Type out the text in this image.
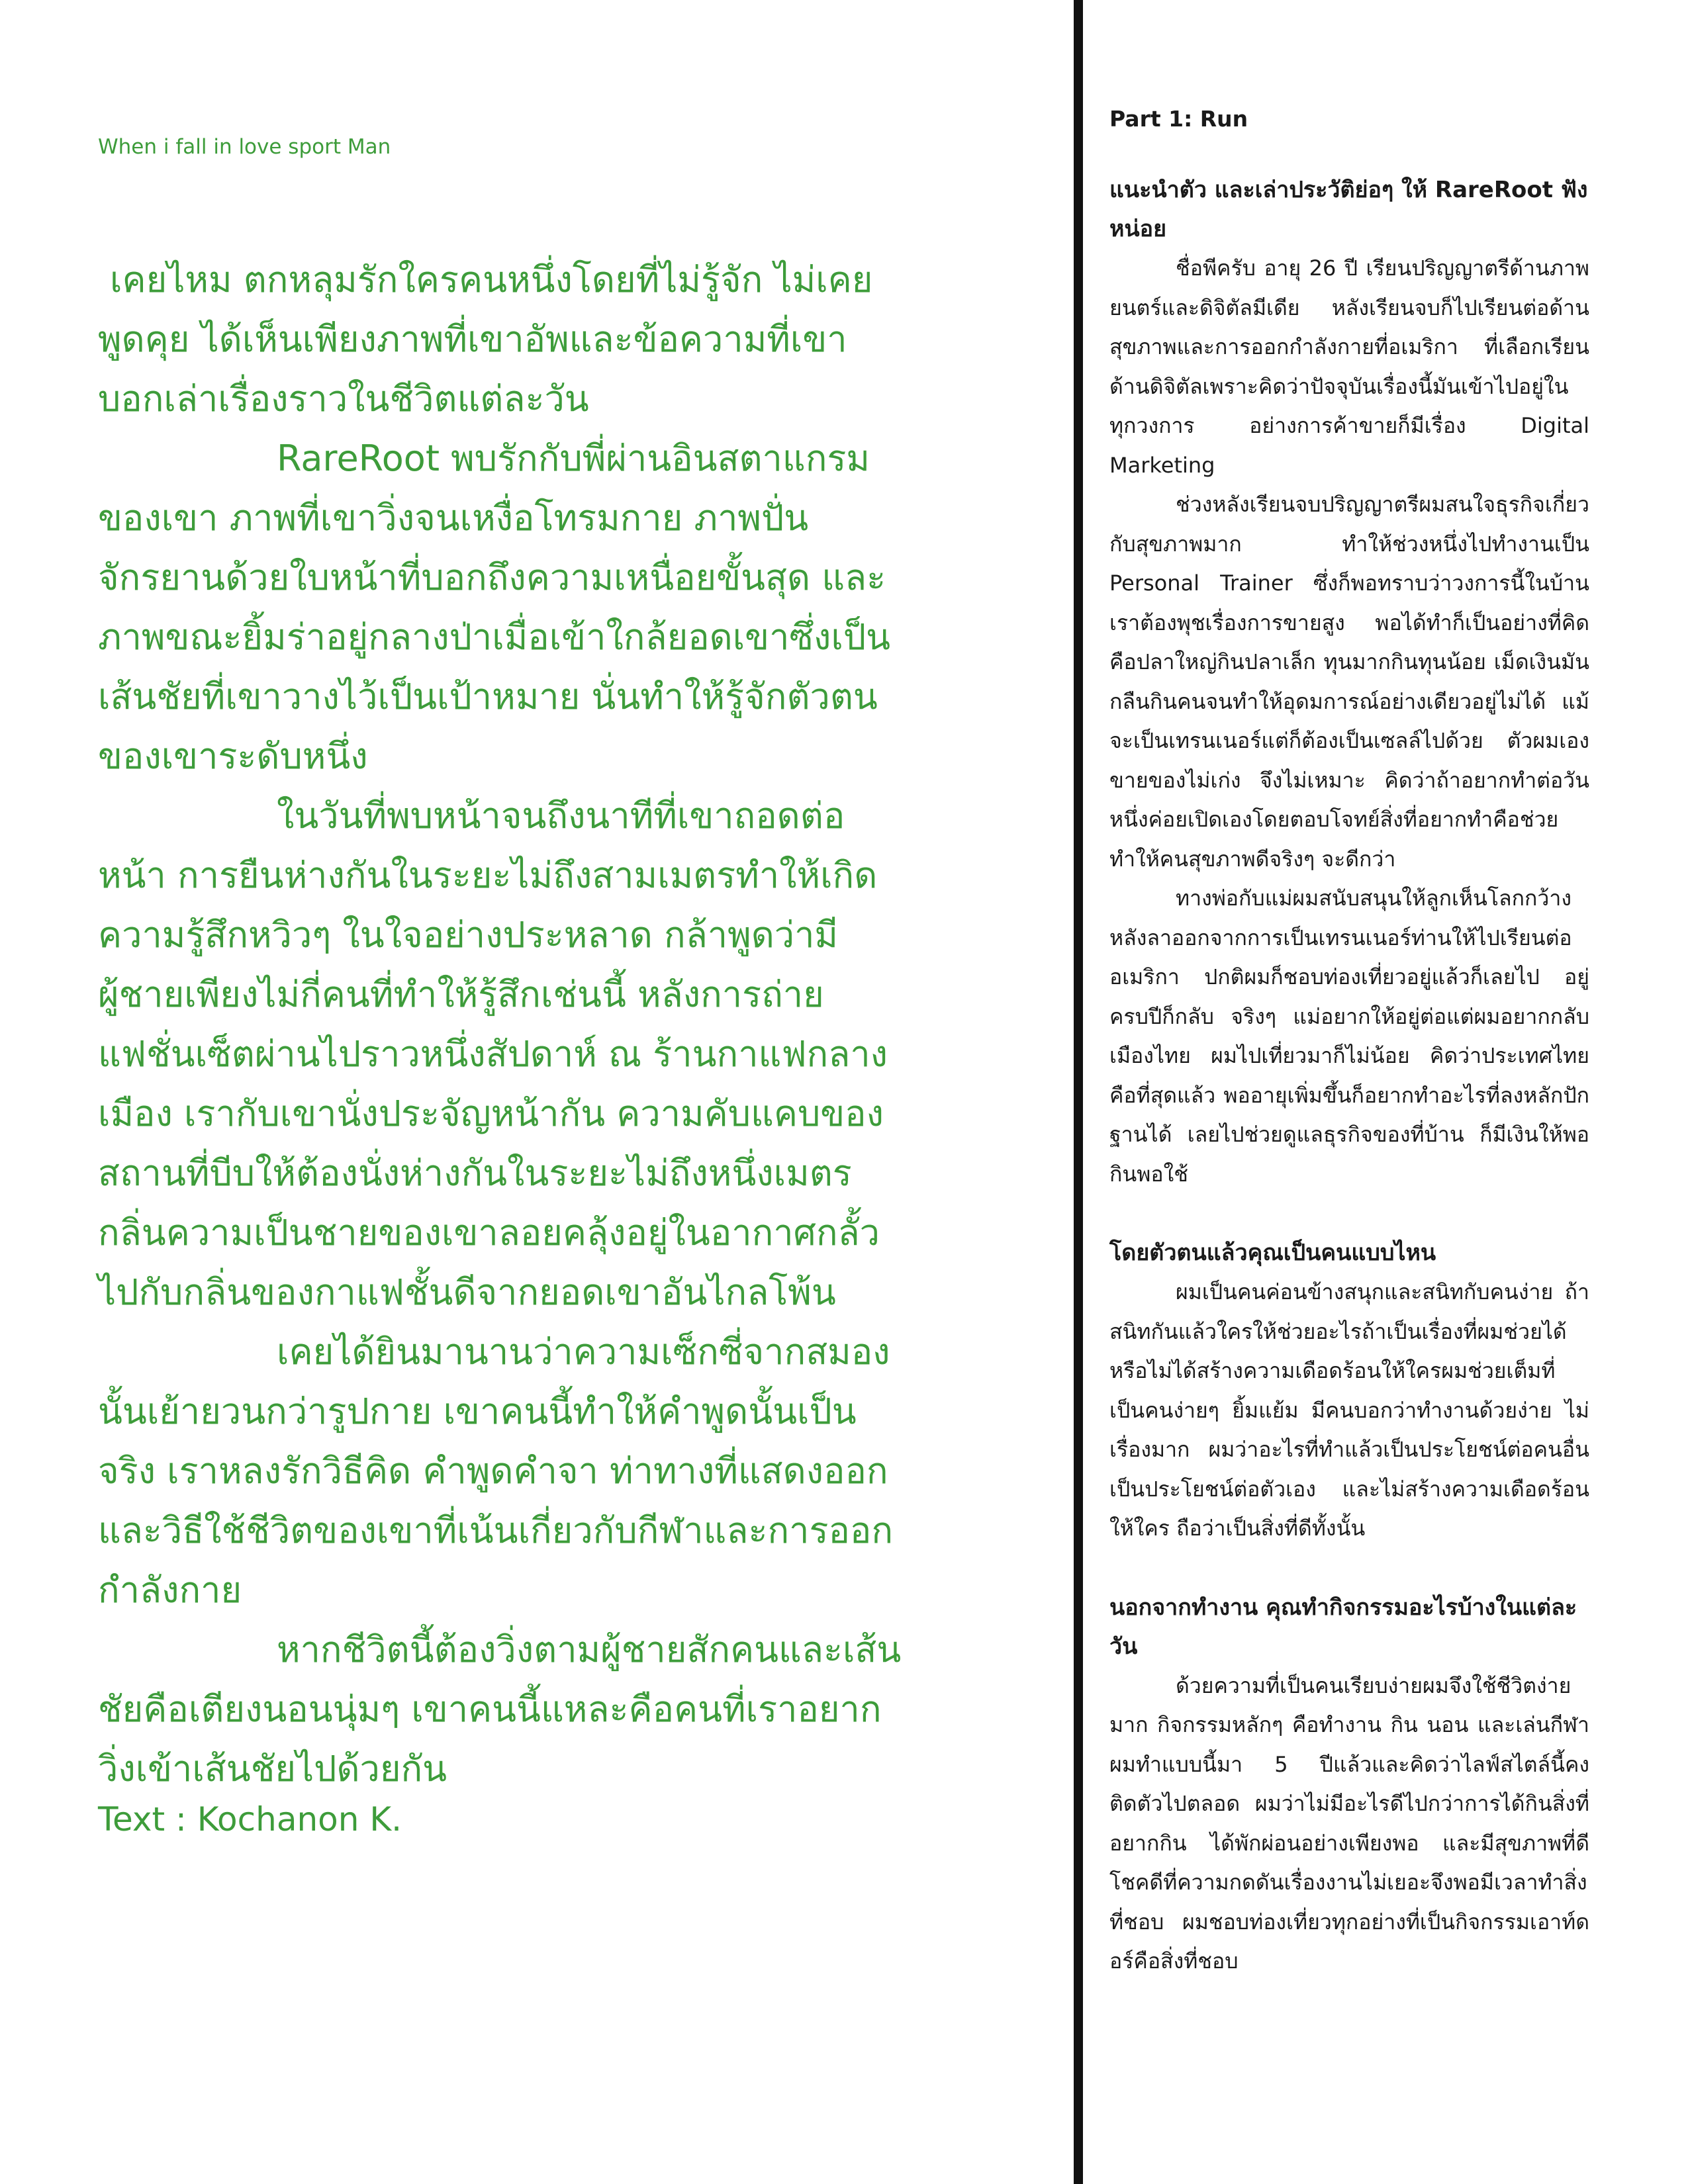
When i fall in love sport Man

เคยไหม ตกหลุมรักใครคนหนึ่งโดยที่ไม่รู้จัก ไม่เคยพูดคุย ได้เห็นเพียงภาพที่เขาอัพและข้อความที่เขาบอกเล่าเรื่องราวในชีวิตแต่ละวัน

RareRoot พบรักกับพี่ผ่านอินสตาแกรมของเขา ภาพที่เขาวิ่งจนเหงื่อโทรมกาย ภาพปั่นจักรยานด้วยใบหน้าที่บอกถึงความเหนื่อยขั้นสุด และภาพขณะยิ้มร่าอยู่กลางป่าเมื่อเข้าใกล้ยอดเขาซึ่งเป็นเส้นชัยที่เขาวางไว้เป็นเป้าหมาย นั่นทำให้รู้จักตัวตนของเขาระดับหนึ่ง

ในวันที่พบหน้าจนถึงนาทีที่เขาถอดต่อหน้า การยืนห่างกันในระยะไม่ถึงสามเมตรทำให้เกิดความรู้สึกหวิวๆ ในใจอย่างประหลาด กล้าพูดว่ามีผู้ชายเพียงไม่กี่คนที่ทำให้รู้สึกเช่นนี้ หลังการถ่ายแฟชั่นเซ็ตผ่านไปราวหนึ่งสัปดาห์ ณ ร้านกาแฟกลางเมือง เรากับเขานั่งประจัญหน้ากัน ความคับแคบของสถานที่บีบให้ต้องนั่งห่างกันในระยะไม่ถึงหนึ่งเมตร กลิ่นความเป็นชายของเขาลอยคลุ้งอยู่ในอากาศกลั้วไปกับกลิ่นของกาแฟชั้นดีจากยอดเขาอันไกลโพ้น

เคยได้ยินมานานว่าความเซ็กซี่จากสมองนั้นเย้ายวนกว่ารูปกาย เขาคนนี้ทำให้คำพูดนั้นเป็นจริง เราหลงรักวิธีคิด คำพูดคำจา ท่าทางที่แสดงออก และวิธีใช้ชีวิตของเขาที่เน้นเกี่ยวกับกีฬาและการออกกำลังกาย

หากชีวิตนี้ต้องวิ่งตามผู้ชายสักคนและเส้นชัยคือเตียงนอนนุ่มๆ เขาคนนี้แหละคือคนที่เราอยากวิ่งเข้าเส้นชัยไปด้วยกัน

Text : Kochanon K.

Part 1: Run

แนะนำตัว และเล่าประวัติย่อๆ ให้ RareRoot ฟังหน่อย

ชื่อพีครับ อายุ 26 ปี เรียนปริญญาตรีด้านภาพยนตร์และดิจิตัลมีเดีย หลังเรียนจบก็ไปเรียนต่อด้านสุขภาพและการออกกำลังกายที่อเมริกา ที่เลือกเรียนด้านดิจิตัลเพราะคิดว่าปัจจุบันเรื่องนี้มันเข้าไปอยู่ในทุกวงการ อย่างการค้าขายก็มีเรื่อง Digital Marketing

ช่วงหลังเรียนจบปริญญาตรีผมสนใจธุรกิจเกี่ยวกับสุขภาพมาก ทำให้ช่วงหนึ่งไปทำงานเป็น Personal Trainer ซึ่งก็พอทราบว่าวงการนี้ในบ้านเราต้องพุชเรื่องการขายสูง พอได้ทำก็เป็นอย่างที่คิด คือปลาใหญ่กินปลาเล็ก ทุนมากกินทุนน้อย เม็ดเงินมันกลืนกินคนจนทำให้อุดมการณ์อย่างเดียวอยู่ไม่ได้ แม้จะเป็นเทรนเนอร์แต่ก็ต้องเป็นเซลล์ไปด้วย ตัวผมเองขายของไม่เก่ง จึงไม่เหมาะ คิดว่าถ้าอยากทำต่อวันหนึ่งค่อยเปิดเองโดยตอบโจทย์สิ่งที่อยากทำคือช่วยทำให้คนสุขภาพดีจริงๆ จะดีกว่า

ทางพ่อกับแม่ผมสนับสนุนให้ลูกเห็นโลกกว้าง หลังลาออกจากการเป็นเทรนเนอร์ท่านให้ไปเรียนต่ออเมริกา ปกติผมก็ชอบท่องเที่ยวอยู่แล้วก็เลยไป อยู่ครบปีก็กลับ จริงๆ แม่อยากให้อยู่ต่อแต่ผมอยากกลับเมืองไทย ผมไปเที่ยวมาก็ไม่น้อย คิดว่าประเทศไทยคือที่สุดแล้ว พออายุเพิ่มขึ้นก็อยากทำอะไรที่ลงหลักปักฐานได้ เลยไปช่วยดูแลธุรกิจของที่บ้าน ก็มีเงินให้พอกินพอใช้

โดยตัวตนแล้วคุณเป็นคนแบบไหน

ผมเป็นคนค่อนข้างสนุกและสนิทกับคนง่าย ถ้าสนิทกันแล้วใครให้ช่วยอะไรถ้าเป็นเรื่องที่ผมช่วยได้หรือไม่ได้สร้างความเดือดร้อนให้ใครผมช่วยเต็มที่ เป็นคนง่ายๆ ยิ้มแย้ม มีคนบอกว่าทำงานด้วยง่าย ไม่เรื่องมาก ผมว่าอะไรที่ทำแล้วเป็นประโยชน์ต่อคนอื่น เป็นประโยชน์ต่อตัวเอง และไม่สร้างความเดือดร้อนให้ใคร ถือว่าเป็นสิ่งที่ดีทั้งนั้น

นอกจากทำงาน คุณทำกิจกรรมอะไรบ้างในแต่ละวัน

ด้วยความที่เป็นคนเรียบง่ายผมจึงใช้ชีวิตง่ายมาก กิจกรรมหลักๆ คือทำงาน กิน นอน และเล่นกีฬา ผมทำแบบนี้มา 5 ปีแล้วและคิดว่าไลฟ์สไตล์นี้คงติดตัวไปตลอด ผมว่าไม่มีอะไรดีไปกว่าการได้กินสิ่งที่อยากกิน ได้พักผ่อนอย่างเพียงพอ และมีสุขภาพที่ดี โชคดีที่ความกดดันเรื่องงานไม่เยอะจึงพอมีเวลาทำสิ่งที่ชอบ ผมชอบท่องเที่ยวทุกอย่างที่เป็นกิจกรรมเอาท์ดอร์คือสิ่งที่ชอบ
